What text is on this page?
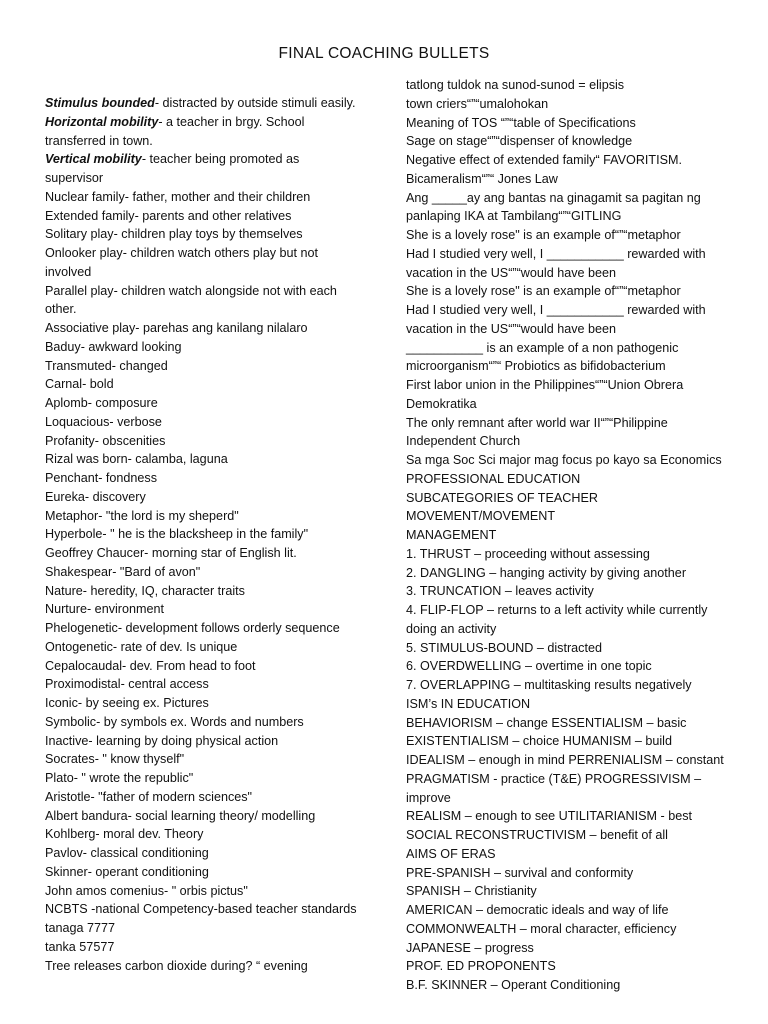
FINAL COACHING BULLETS
Stimulus bounded- distracted by outside stimuli easily.
Horizontal mobility- a teacher in brgy. School
transferred in town.
Vertical mobility- teacher being promoted as
supervisor
Nuclear family- father, mother and their children
Extended family- parents and other relatives
Solitary play- children play toys by themselves
Onlooker play- children watch others play but not
involved
Parallel play- children watch alongside not with each
other.
Associative play- parehas ang kanilang nilalaro
Baduy- awkward looking
Transmuted- changed
Carnal- bold
Aplomb- composure
Loquacious- verbose
Profanity- obscenities
Rizal was born- calamba, laguna
Penchant- fondness
Eureka- discovery
Metaphor- "the lord is my sheperd"
Hyperbole- " he is the blacksheep in the family"
Geoffrey Chaucer- morning star of English lit.
Shakespear- "Bard of avon"
Nature- heredity, IQ, character traits
Nurture- environment
Phelogenetic- development follows orderly sequence
Ontogenetic- rate of dev. Is unique
Cepalocaudal- dev. From head to foot
Proximodistal- central access
Iconic- by seeing ex. Pictures
Symbolic- by symbols ex. Words and numbers
Inactive- learning by doing physical action
Socrates- " know thyself"
Plato- " wrote the republic"
Aristotle- "father of modern sciences"
Albert bandura- social learning theory/ modelling
Kohlberg- moral dev. Theory
Pavlov- classical conditioning
Skinner- operant conditioning
John amos comenius- " orbis pictus"
NCBTS -national Competency-based teacher standards
tanaga 7777
tanka 57577
Tree releases carbon dioxide during? “ evening
tatlong tuldok na sunod-sunod = elipsis
town criers“”“umalohokan
Meaning of TOS “”“table of Specifications
Sage on stage“”“dispenser of knowledge
Negative effect of extended family“ FAVORITISM.
Bicameralism“”“ Jones Law
Ang _____ay ang bantas na ginagamit sa pagitan ng
panlaping IKA at Tambilang“”“GITLING
She is a lovely rose" is an example of“”“metaphor
Had I studied very well, I ___________ rewarded with
vacation in the US“”“would have been
She is a lovely rose" is an example of“”“metaphor
Had I studied very well, I ___________ rewarded with
vacation in the US“”“would have been
___________ is an example of a non pathogenic
microorganism“”“ Probiotics as bifidobacterium
First labor union in the Philippines“”“Union Obrera
Demokratika
The only remnant after world war II“”“Philippine
Independent Church
Sa mga Soc Sci major mag focus po kayo sa Economics
PROFESSIONAL EDUCATION
SUBCATEGORIES OF TEACHER MOVEMENT/MOVEMENT
MANAGEMENT
1. THRUST – proceeding without assessing
2. DANGLING – hanging activity by giving another
3. TRUNCATION – leaves activity
4. FLIP-FLOP – returns to a left activity while currently
doing an activity
5. STIMULUS-BOUND – distracted
6. OVERDWELLING – overtime in one topic
7. OVERLAPPING – multitasking results negatively
ISM’s IN EDUCATION
BEHAVIORISM – change ESSENTIALISM – basic
EXISTENTIALISM – choice HUMANISM – build
IDEALISM – enough in mind PERRENIALISM – constant
PRAGMATISM - practice (T&E) PROGRESSIVISM –
improve
REALISM – enough to see UTILITARIANISM - best
SOCIAL RECONSTRUCTIVISM – benefit of all
AIMS OF ERAS
PRE-SPANISH – survival and conformity
SPANISH – Christianity
AMERICAN – democratic ideals and way of life
COMMONWEALTH – moral character, efficiency
JAPANESE – progress
PROF. ED PROPONENTS
B.F. SKINNER – Operant Conditioning
